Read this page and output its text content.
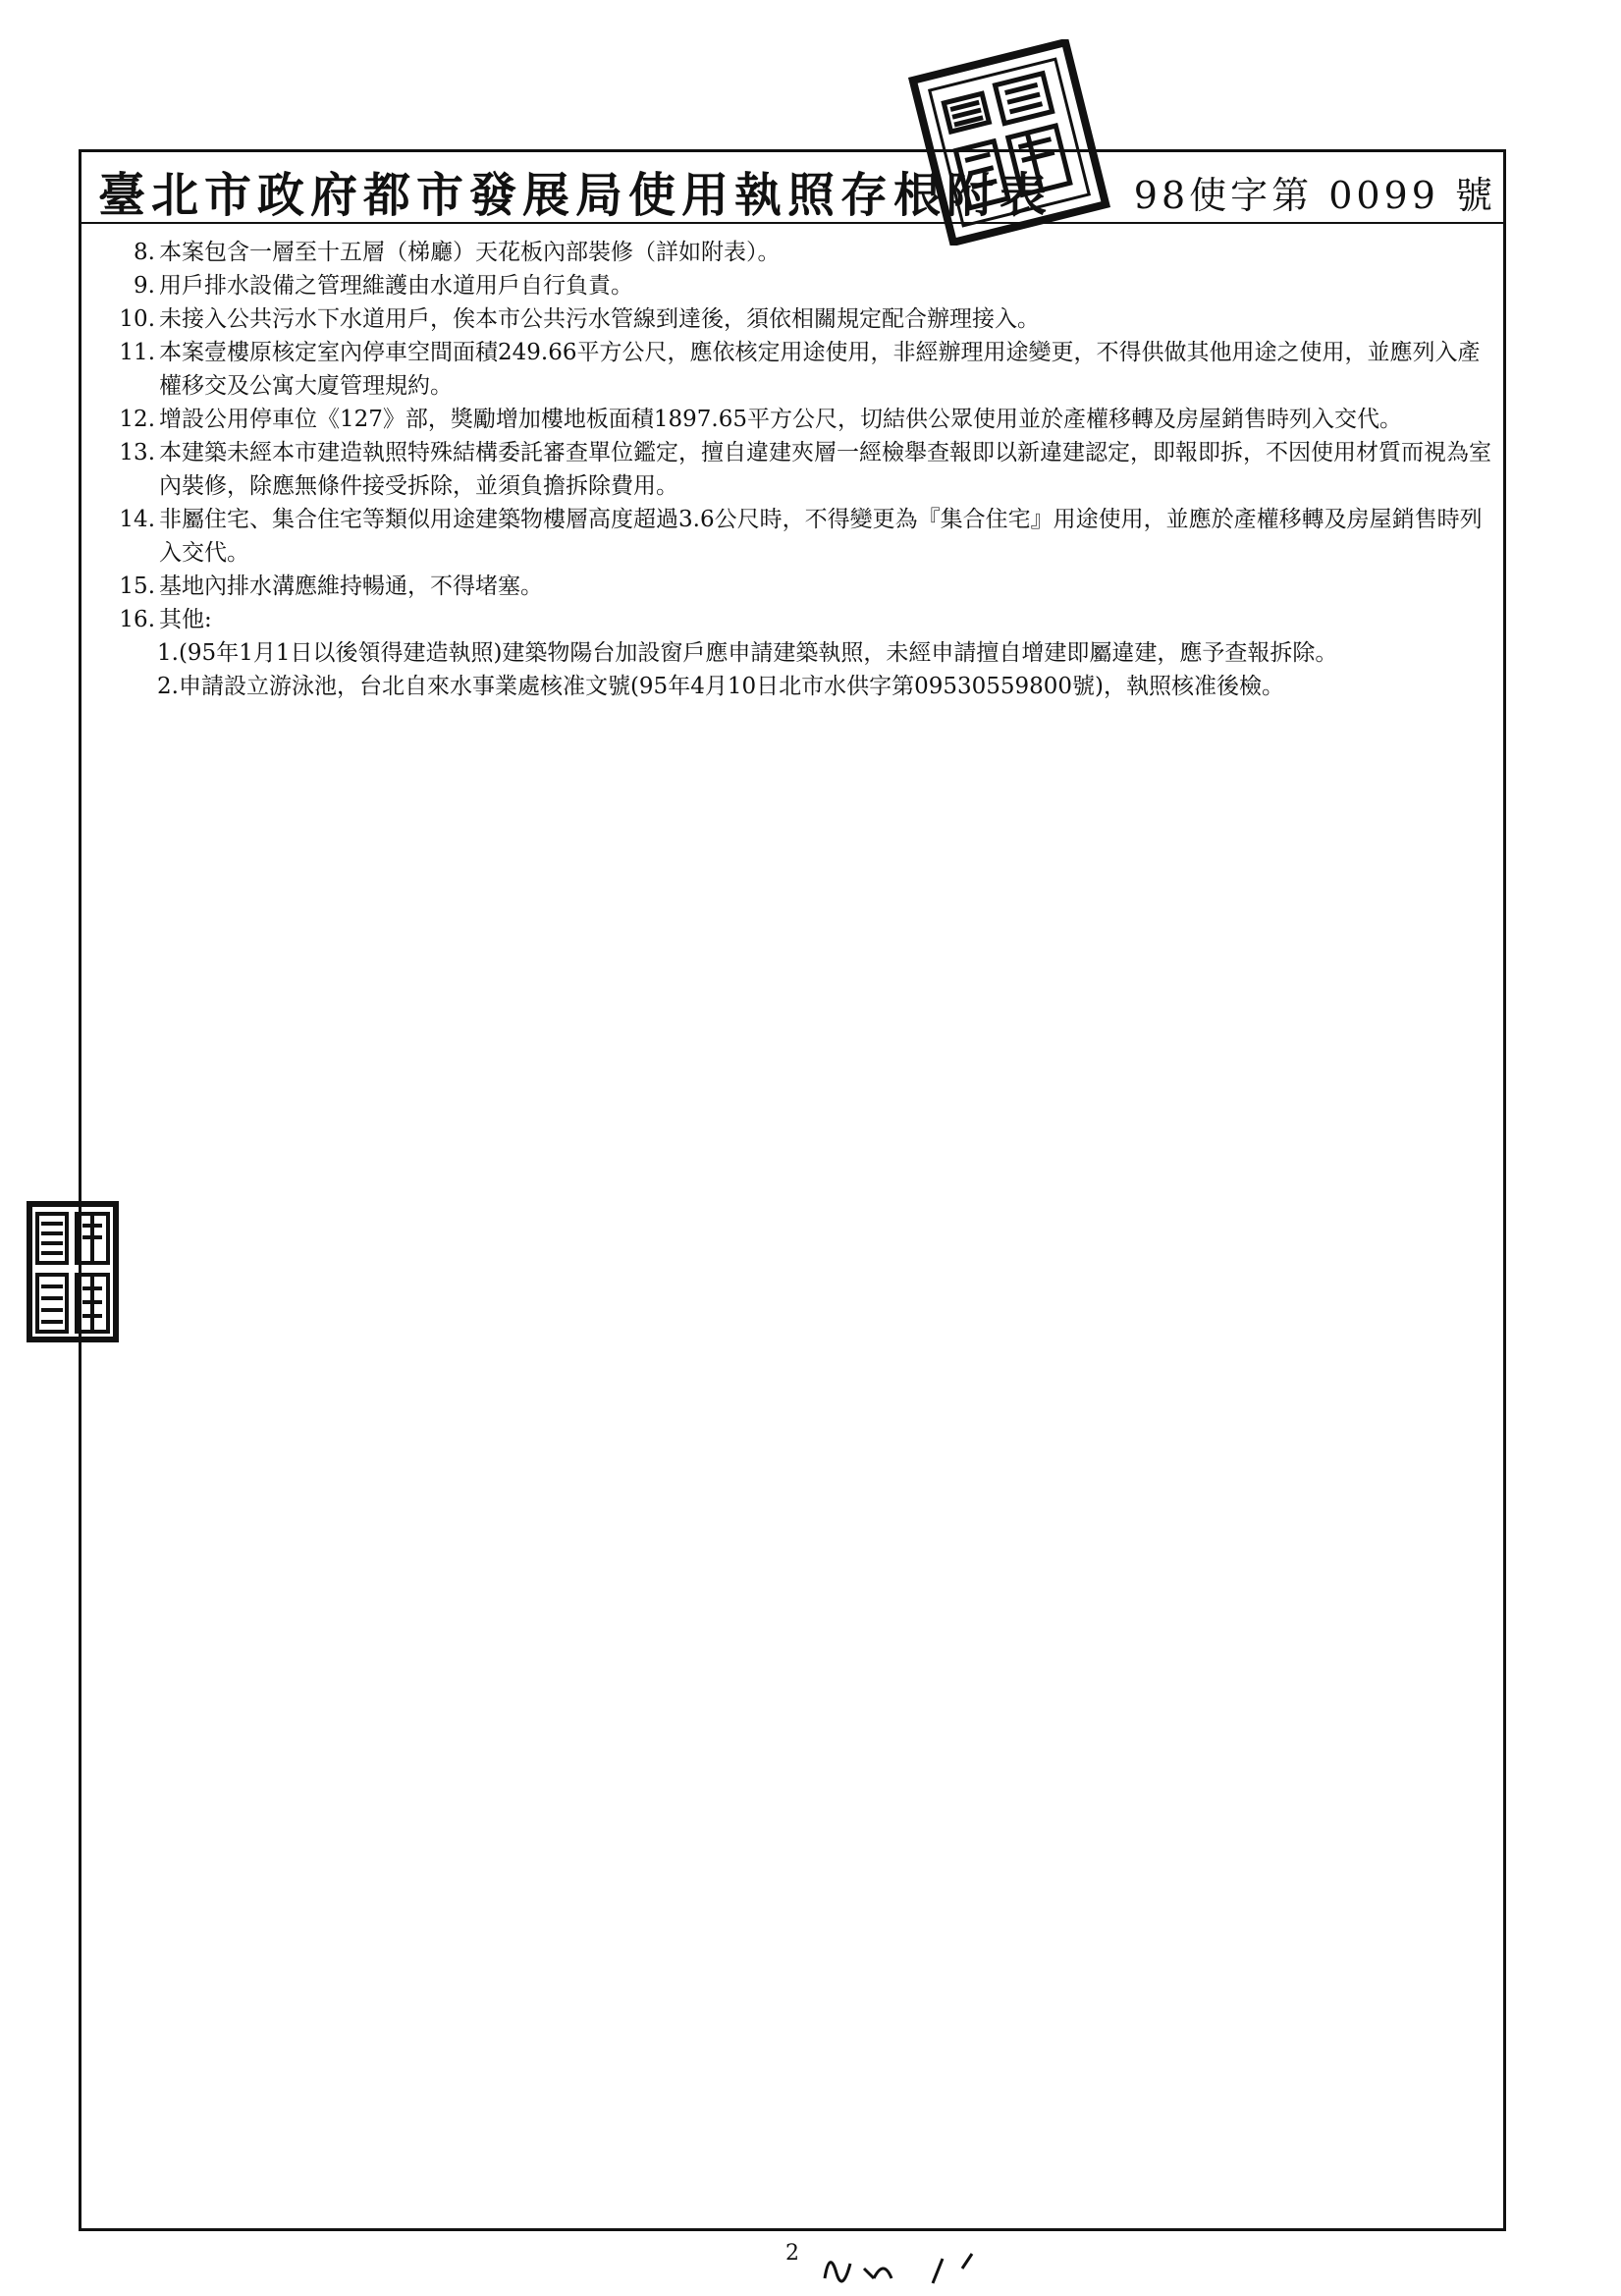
臺北市政府都市發展局使用執照存根附表 98使字第 0099 號
8. 本案包含一層至十五層（梯廳）天花板內部裝修（詳如附表）。
9. 用戶排水設備之管理維護由水道用戶自行負責。
10. 未接入公共污水下水道用戶，俟本市公共污水管線到達後，須依相關規定配合辦理接入。
11. 本案壹樓原核定室內停車空間面積249.66平方公尺，應依核定用途使用，非經辦理用途變更，不得供做其他用途之使用，並應列入產權移交及公寓大廈管理規約。
12. 增設公用停車位《127》部，獎勵增加樓地板面積1897.65平方公尺，切結供公眾使用並於產權移轉及房屋銷售時列入交代。
13. 本建築未經本市建造執照特殊結構委託審查單位鑑定，擅自違建夾層一經檢舉查報即以新違建認定，即報即拆，不因使用材質而視為室內裝修，除應無條件接受拆除，並須負擔拆除費用。
14. 非屬住宅、集合住宅等類似用途建築物樓層高度超過3.6公尺時，不得變更為『集合住宅』用途使用，並應於產權移轉及房屋銷售時列入交代。
15. 基地內排水溝應維持暢通，不得堵塞。
16. 其他:
1. (95年1月1日以後領得建造執照)建築物陽台加設窗戶應申請建築執照，未經申請擅自增建即屬違建，應予查報拆除。
2. 申請設立游泳池，台北自來水事業處核准文號(95年4月10日北市水供字第09530559800號)，執照核准後檢。
2
